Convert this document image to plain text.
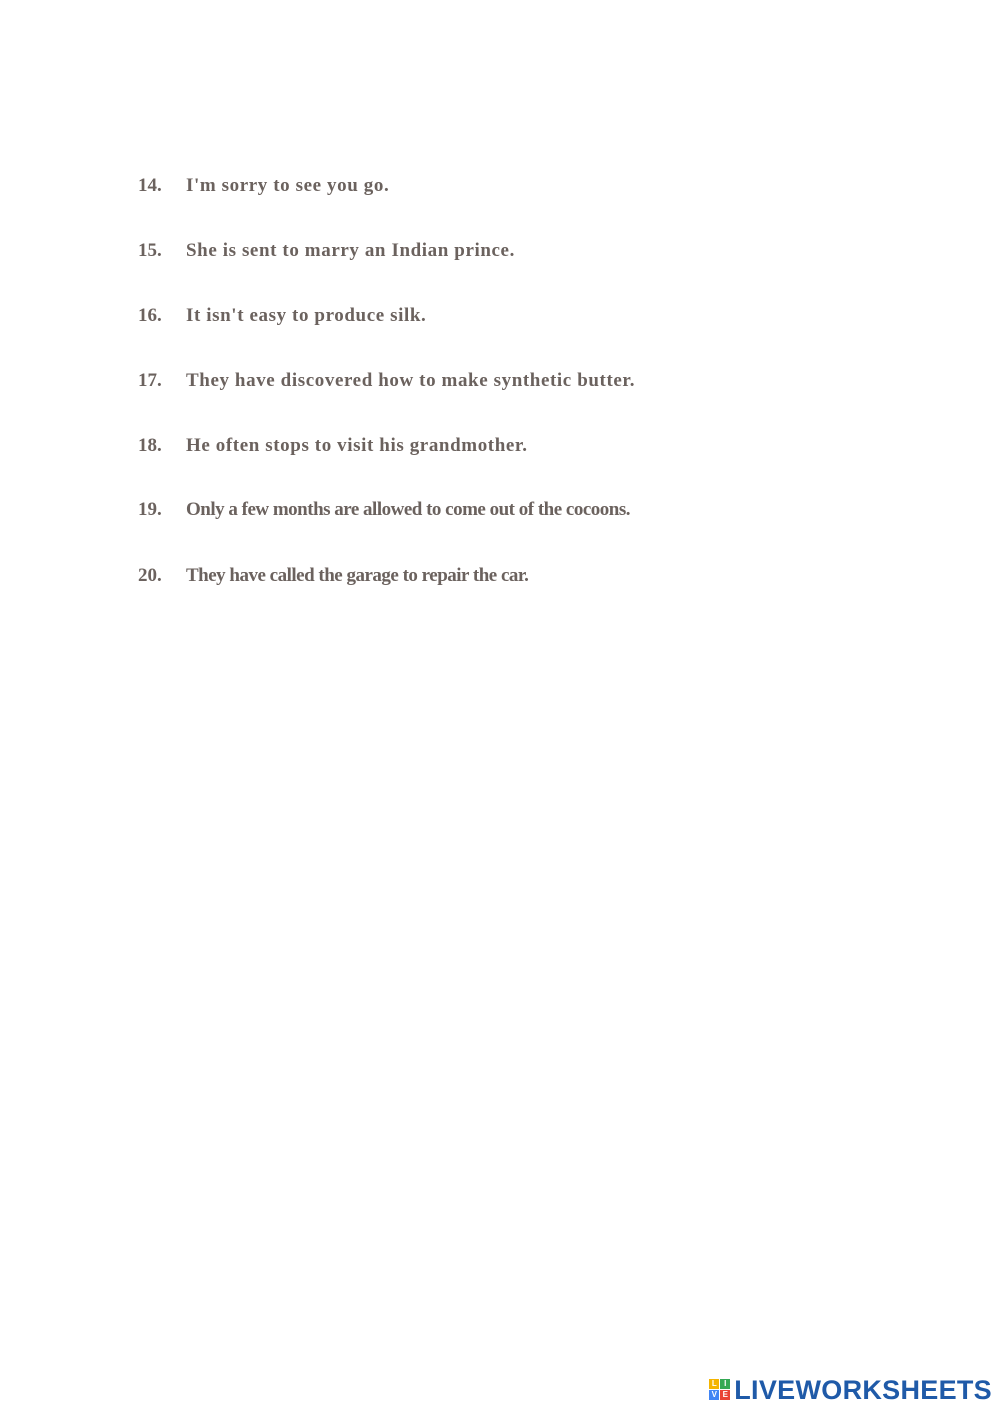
14.	I'm sorry to see you go.
15.	She is sent to marry an Indian prince.
16.	It isn't easy to produce silk.
17.	They have discovered how to make synthetic butter.
18.	He often stops to visit his grandmother.
19.	Only a few months are allowed to come out of the cocoons.
20.	They have called the garage to repair the car.
L I
V E LIVEWORKSHEETS
